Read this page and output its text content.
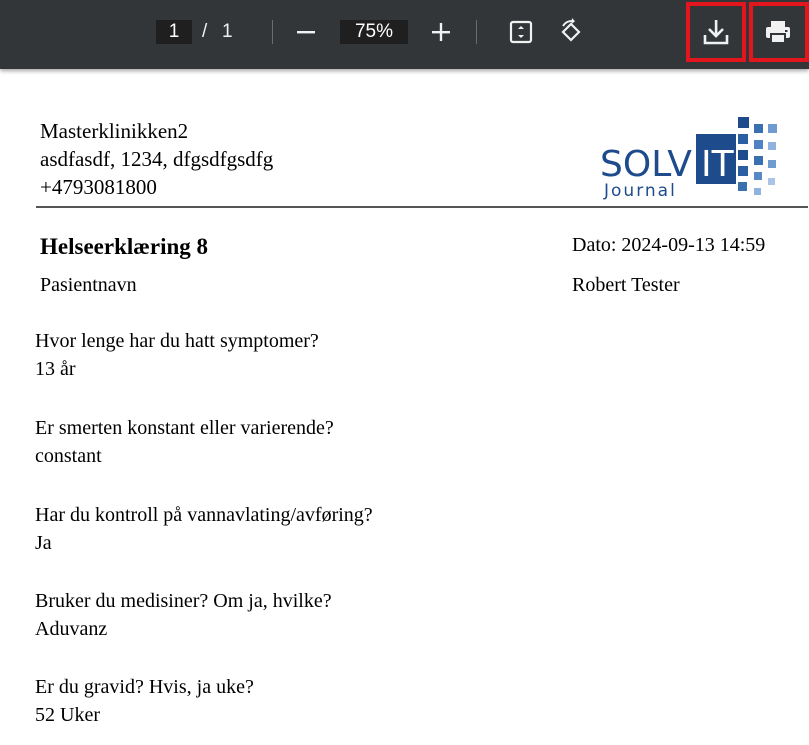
1	/ 1	75%
Masterklinikken2
asdfasdf, 1234, dfgsdfgsdfg
+4793081800
SOLV IT
Journal
Helseerklæring 8	Dato: 2024-09-13 14:59
Pasientnavn	Robert Tester
Hvor lenge har du hatt symptomer?
13 år
Er smerten konstant eller varierende?
constant
Har du kontroll på vannavlating/avføring?
Ja
Bruker du medisiner? Om ja, hvilke?
Aduvanz
Er du gravid? Hvis, ja uke?
52 Uker
